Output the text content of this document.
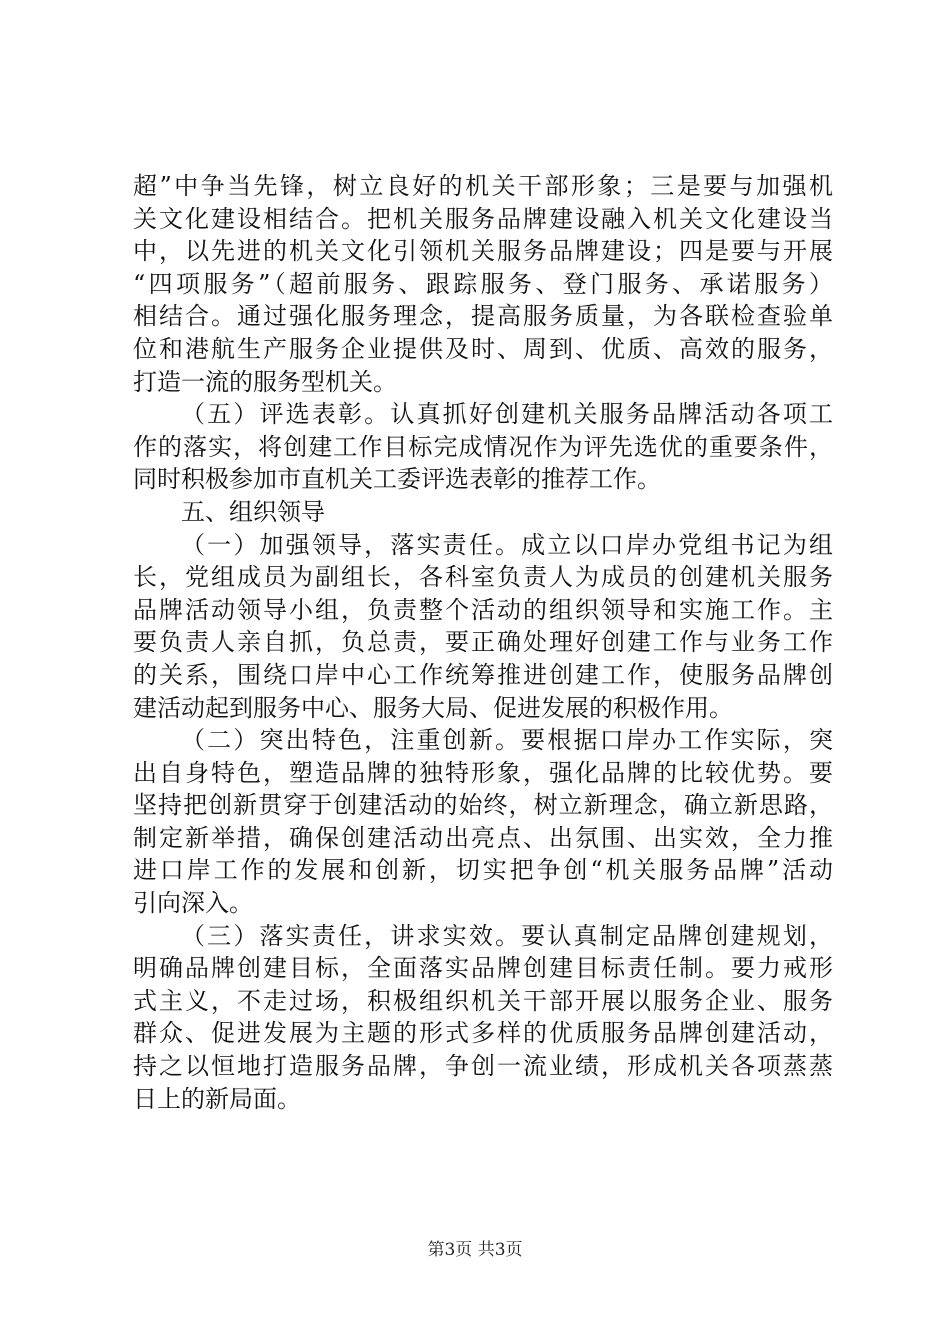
超”中争当先锋，树立良好的机关干部形象；三是要与加强机
关文化建设相结合。把机关服务品牌建设融入机关文化建设当
中，以先进的机关文化引领机关服务品牌建设；四是要与开展
“四项服务”（超前服务、跟踪服务、登门服务、承诺服务）
相结合。通过强化服务理念，提高服务质量，为各联检查验单
位和港航生产服务企业提供及时、周到、优质、高效的服务，
打造一流的服务型机关。
（五）评选表彰。认真抓好创建机关服务品牌活动各项工
作的落实，将创建工作目标完成情况作为评先选优的重要条件，
同时积极参加市直机关工委评选表彰的推荐工作。
五、组织领导
（一）加强领导，落实责任。成立以口岸办党组书记为组
长，党组成员为副组长，各科室负责人为成员的创建机关服务
品牌活动领导小组，负责整个活动的组织领导和实施工作。主
要负责人亲自抓，负总责，要正确处理好创建工作与业务工作
的关系，围绕口岸中心工作统筹推进创建工作，使服务品牌创
建活动起到服务中心、服务大局、促进发展的积极作用。
（二）突出特色，注重创新。要根据口岸办工作实际，突
出自身特色，塑造品牌的独特形象，强化品牌的比较优势。要
坚持把创新贯穿于创建活动的始终，树立新理念，确立新思路，
制定新举措，确保创建活动出亮点、出氛围、出实效，全力推
进口岸工作的发展和创新，切实把争创“机关服务品牌”活动
引向深入。
（三）落实责任，讲求实效。要认真制定品牌创建规划，
明确品牌创建目标，全面落实品牌创建目标责任制。要力戒形
式主义，不走过场，积极组织机关干部开展以服务企业、服务
群众、促进发展为主题的形式多样的优质服务品牌创建活动，
持之以恒地打造服务品牌，争创一流业绩，形成机关各项蒸蒸
日上的新局面。
第3页 共3页
